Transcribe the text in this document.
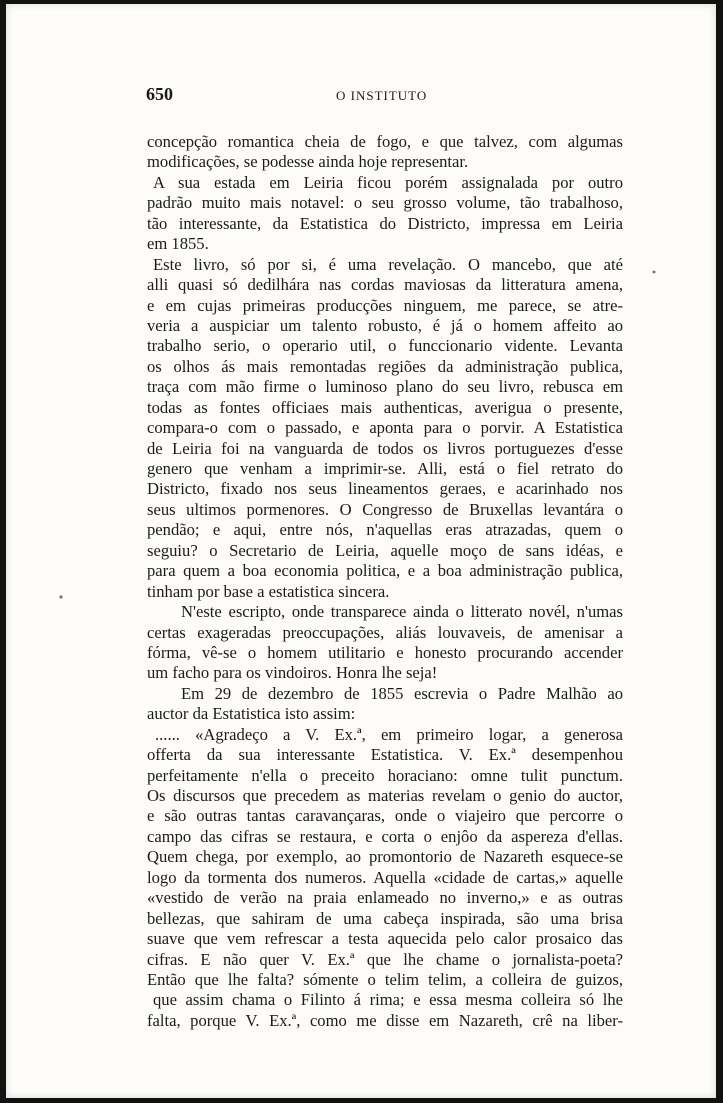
650	O INSTITUTO
concepção romantica cheia de fogo, e que talvez, com algumas
modificações, se podesse ainda hoje representar.
A sua estada em Leiria ficou porém assignalada por outro
padrão muito mais notavel: o seu grosso volume, tão trabalhoso,
tão interessante, da Estatistica do Districto, impressa em Leiria
em 1855.
Este livro, só por si, é uma revelação. O mancebo, que até
alli quasi só dedilhára nas cordas maviosas da litteratura amena,
e em cujas primeiras producções ninguem, me parece, se atre-
veria a auspiciar um talento robusto, é já o homem affeito ao
trabalho serio, o operario util, o funccionario vidente. Levanta
os olhos ás mais remontadas regiões da administração publica,
traça com mão firme o luminoso plano do seu livro, rebusca em
todas as fontes officiaes mais authenticas, averigua o presente,
compara-o com o passado, e aponta para o porvir. A Estatistica
de Leiria foi na vanguarda de todos os livros portuguezes d'esse
genero que venham a imprimir-se. Alli, está o fiel retrato do
Districto, fixado nos seus lineamentos geraes, e acarinhado nos
seus ultimos pormenores. O Congresso de Bruxellas levantára o
pendão; e aqui, entre nós, n'aquellas eras atrazadas, quem o
seguiu? o Secretario de Leiria, aquelle moço de sans idéas, e
para quem a boa economia politica, e a boa administração publica,
tinham por base a estatistica sincera.
N'este escripto, onde transparece ainda o litterato novél, n'umas
certas exageradas preoccupações, aliás louvaveis, de amenisar a
fórma, vê-se o homem utilitario e honesto procurando accender
um facho para os vindoiros. Honra lhe seja!
Em 29 de dezembro de 1855 escrevia o Padre Malhão ao
auctor da Estatistica isto assim:
...... «Agradeço a V. Ex.ª, em primeiro logar, a generosa
offerta da sua interessante Estatistica. V. Ex.ª desempenhou
perfeitamente n'ella o preceito horaciano: omne tulit punctum.
Os discursos que precedem as materias revelam o genio do auctor,
e são outras tantas caravançaras, onde o viajeiro que percorre o
campo das cifras se restaura, e corta o enjôo da aspereza d'ellas.
Quem chega, por exemplo, ao promontorio de Nazareth esquece-se
logo da tormenta dos numeros. Aquella «cidade de cartas,» aquelle
«vestido de verão na praia enlameado no inverno,» e as outras
bellezas, que sahiram de uma cabeça inspirada, são uma brisa
suave que vem refrescar a testa aquecida pelo calor prosaico das
cifras. E não quer V. Ex.ª que lhe chame o jornalista-poeta?
Então que lhe falta? sómente o telim telim, a colleira de guizos,
que assim chama o Filinto á rima; e essa mesma colleira só lhe
falta, porque V. Ex.ª, como me disse em Nazareth, crê na liber-
